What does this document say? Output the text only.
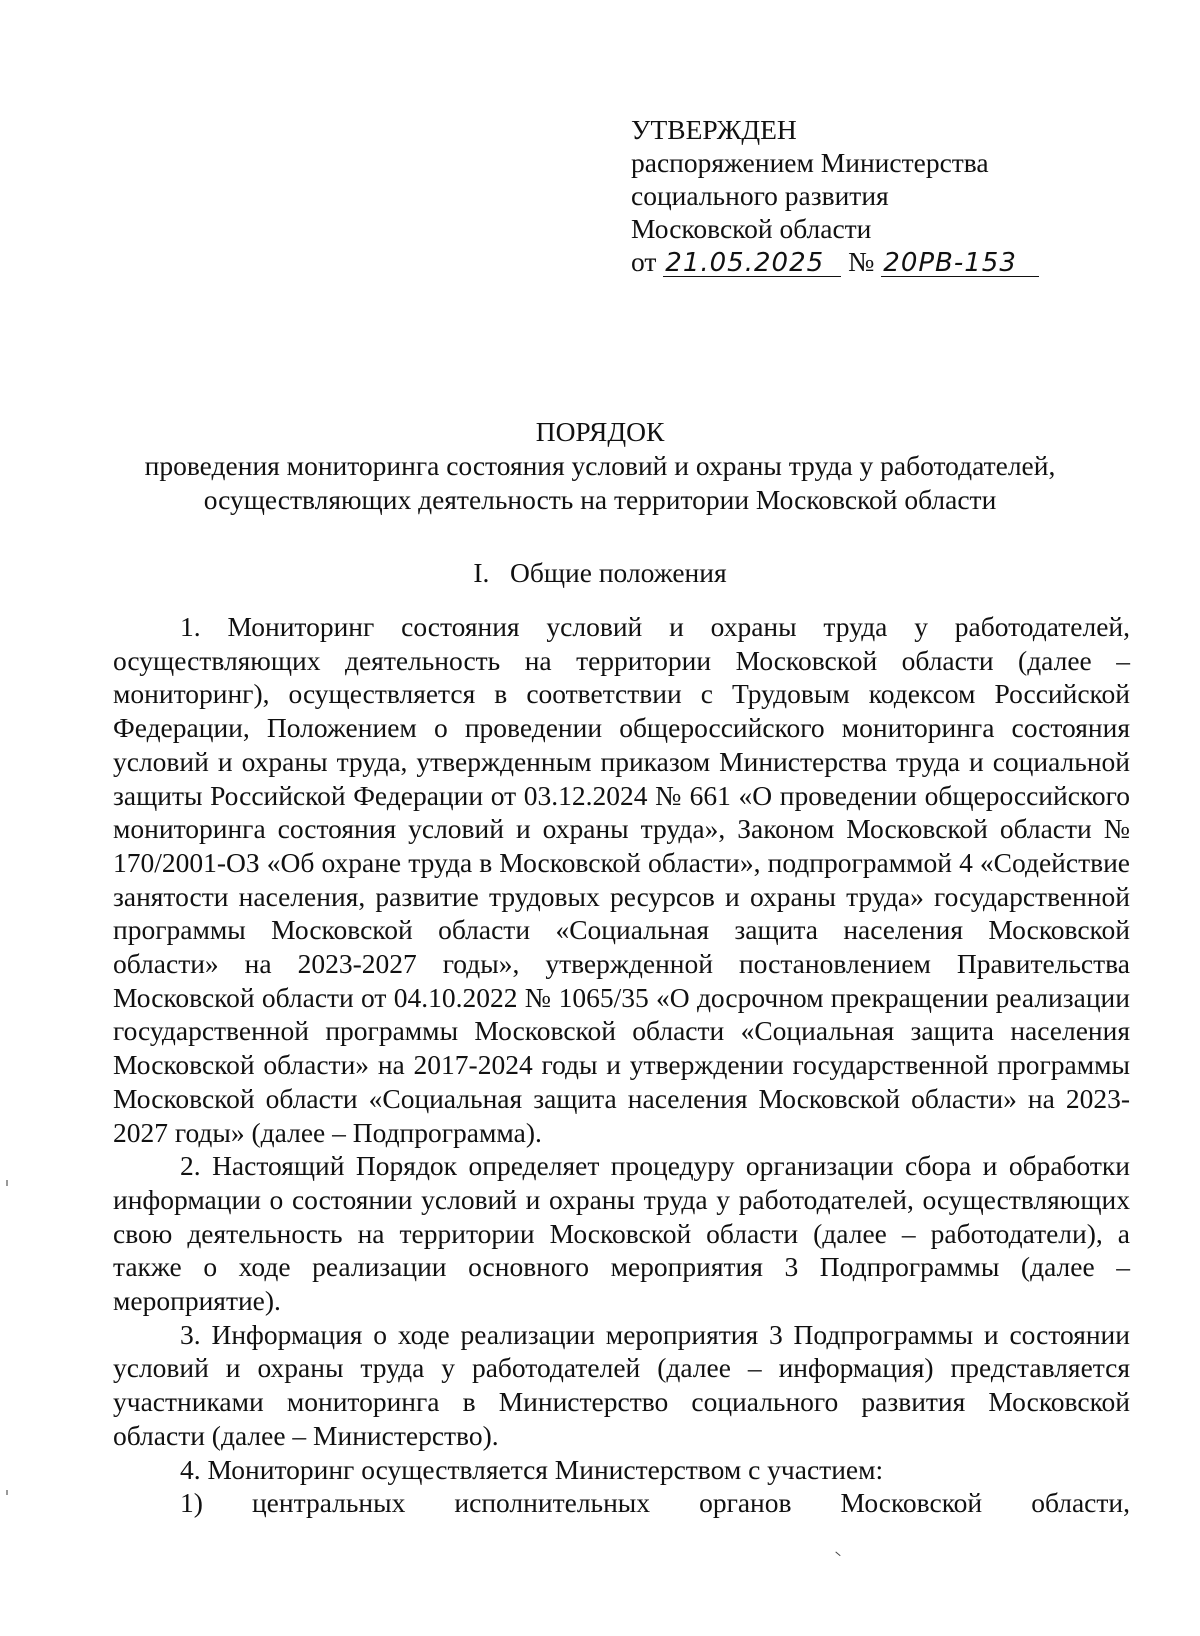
УТВЕРЖДЕН
распоряжением Министерства
социального развития
Московской области
от 21.05.2025 № 20РВ-153
ПОРЯДОК
проведения мониторинга состояния условий и охраны труда у работодателей,
осуществляющих деятельность на территории Московской области
I.   Общие положения

1. Мониторинг состояния условий и охраны труда у работодателей, осуществляющих деятельность на территории Московской области (далее – мониторинг), осуществляется в соответствии с Трудовым кодексом Российской Федерации, Положением о проведении общероссийского мониторинга состояния условий и охраны труда, утвержденным приказом Министерства труда и социальной защиты Российской Федерации от 03.12.2024 № 661 «О проведении общероссийского мониторинга состояния условий и охраны труда», Законом Московской области № 170/2001-ОЗ «Об охране труда в Московской области», подпрограммой 4 «Содействие занятости населения, развитие трудовых ресурсов и охраны труда» государственной программы Московской области «Социальная защита населения Московской области» на 2023-2027 годы», утвержденной постановлением Правительства Московской области от 04.10.2022 № 1065/35 «О досрочном прекращении реализации государственной программы Московской области «Социальная защита населения Московской области» на 2017-2024 годы и утверждении государственной программы Московской области «Социальная защита населения Московской области» на 2023-2027 годы» (далее – Подпрограмма).

2. Настоящий Порядок определяет процедуру организации сбора и обработки информации о состоянии условий и охраны труда у работодателей, осуществляющих свою деятельность на территории Московской области (далее – работодатели), а также о ходе реализации основного мероприятия 3 Подпрограммы (далее – мероприятие).

3. Информация о ходе реализации мероприятия 3 Подпрограммы и состоянии условий и охраны труда у работодателей (далее – информация) представляется участниками мониторинга в Министерство социального развития Московской области (далее – Министерство).

4. Мониторинг осуществляется Министерством с участием:

1) центральных исполнительных органов Московской области,
